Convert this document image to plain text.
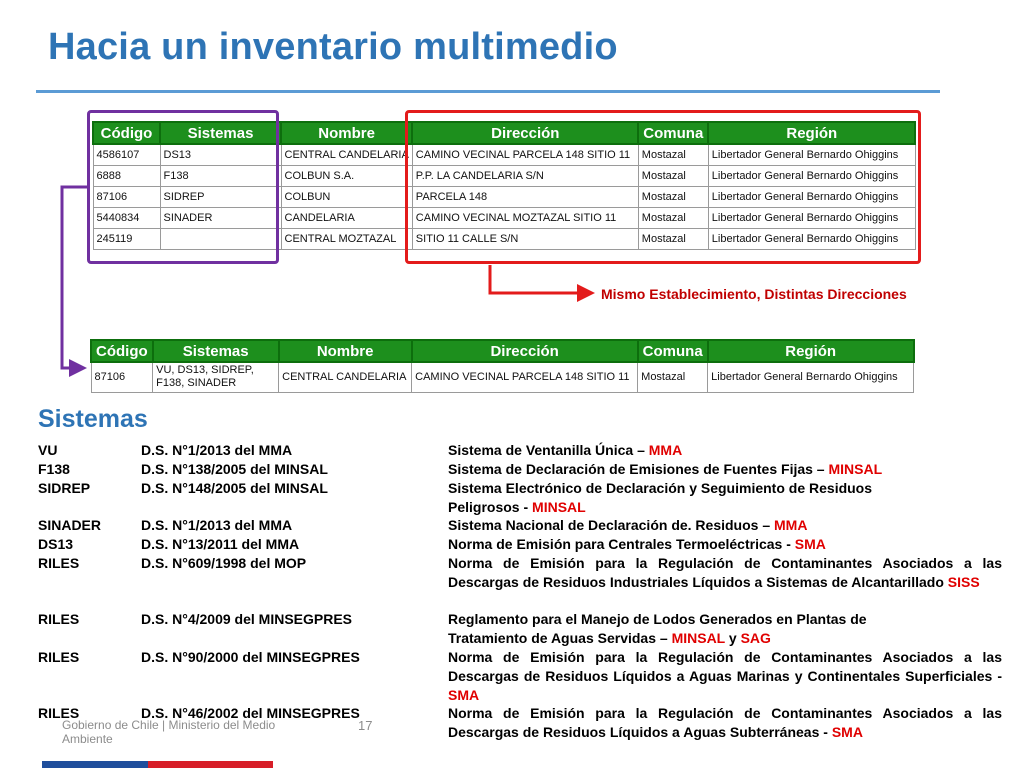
Hacia un inventario multimedio
Código	Sistemas	Nombre	Dirección	Comuna	Región
4586107	DS13	CENTRAL CANDELARIA	CAMINO VECINAL PARCELA 148 SITIO 11	Mostazal	Libertador General Bernardo Ohiggins
6888	F138	COLBUN S.A.	P.P. LA CANDELARIA S/N	Mostazal	Libertador General Bernardo Ohiggins
87106	SIDREP	COLBUN	PARCELA 148	Mostazal	Libertador General Bernardo Ohiggins
5440834	SINADER	CANDELARIA	CAMINO VECINAL MOZTAZAL SITIO 11	Mostazal	Libertador General Bernardo Ohiggins
245119		CENTRAL MOZTAZAL	SITIO 11 CALLE S/N	Mostazal	Libertador General Bernardo Ohiggins
Mismo Establecimiento, Distintas Direcciones
Código	Sistemas	Nombre	Dirección	Comuna	Región
87106	VU, DS13, SIDREP, F138, SINADER	CENTRAL CANDELARIA	CAMINO VECINAL PARCELA 148 SITIO 11	Mostazal	Libertador General Bernardo Ohiggins
Sistemas
VU	D.S. N°1/2013 del MMA	Sistema de Ventanilla Única – MMA
F138	D.S. N°138/2005 del MINSAL	Sistema de Declaración de Emisiones de Fuentes Fijas – MINSAL
SIDREP	D.S. N°148/2005 del MINSAL	Sistema Electrónico de Declaración y Seguimiento de Residuos Peligrosos - MINSAL
SINADER	D.S. N°1/2013 del MMA	Sistema Nacional de Declaración de. Residuos – MMA
DS13	D.S. N°13/2011 del MMA	Norma de Emisión para Centrales Termoeléctricas - SMA
RILES	D.S. N°609/1998 del MOP	Norma de Emisión para la Regulación de Contaminantes Asociados a las Descargas de Residuos Industriales Líquidos a Sistemas de Alcantarillado SISS
RILES	D.S. N°4/2009 del MINSEGPRES	Reglamento para el Manejo de Lodos Generados en Plantas de Tratamiento de Aguas Servidas – MINSAL y SAG
RILES	D.S. N°90/2000 del MINSEGPRES	Norma de Emisión para la Regulación de Contaminantes Asociados a las Descargas de Residuos Líquidos a Aguas Marinas y Continentales Superficiales - SMA
RILES	D.S. N°46/2002 del MINSEGPRES	Norma de Emisión para la Regulación de Contaminantes Asociados a las Descargas de Residuos Líquidos a Aguas Subterráneas - SMA
Gobierno de Chile | Ministerio del Medio Ambiente
17
